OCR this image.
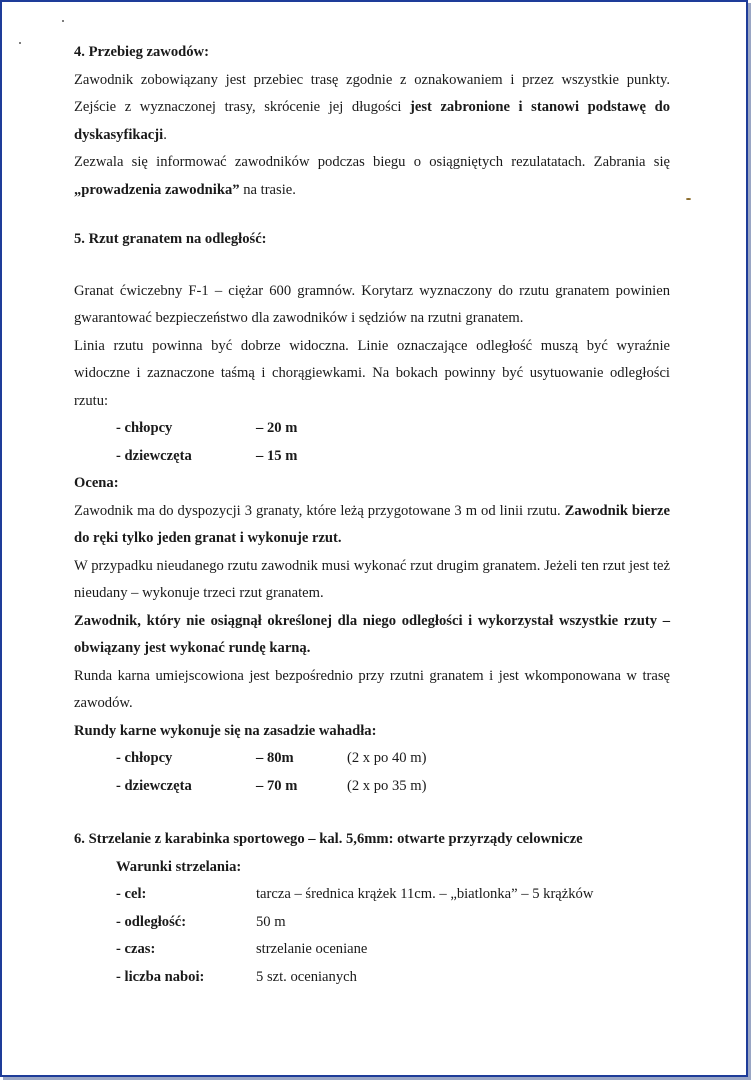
4. Przebieg zawodów:

Zawodnik zobowiązany jest przebiec trasę zgodnie z oznakowaniem i przez wszystkie punkty. Zejście z wyznaczonej trasy, skrócenie jej długości jest zabronione i stanowi podstawę do dyskasyfikacji.

Zezwala się informować zawodników podczas biegu o osiągniętych rezulatatach. Zabrania się „prowadzenia zawodnika” na trasie.

5. Rzut granatem na odległość:

Granat ćwiczebny F-1 – ciężar 600 gramnów. Korytarz wyznaczony do rzutu granatem powinien gwarantować bezpieczeństwo dla zawodników i sędziów na rzutni granatem.

Linia rzutu powinna być dobrze widoczna. Linie oznaczające odległość muszą być wyraźnie widoczne i zaznaczone taśmą i chorągiewkami. Na bokach powinny być usytuowanie odległości rzutu:

- chłopcy	– 20 m
- dziewczęta	– 15 m

Ocena:

Zawodnik ma do dyspozycji 3 granaty, które leżą przygotowane 3 m od linii rzutu. Zawodnik bierze do ręki tylko jeden granat i wykonuje rzut.

W przypadku nieudanego rzutu zawodnik musi wykonać rzut drugim granatem. Jeżeli ten rzut jest też nieudany – wykonuje trzeci rzut granatem.

Zawodnik, który nie osiągnął określonej dla niego odległości i wykorzystał wszystkie rzuty – obwiązany jest wykonać rundę karną.

Runda karna umiejscowiona jest bezpośrednio przy rzutni granatem i jest wkomponowana w trasę zawodów.

Rundy karne wykonuje się na zasadzie wahadła:

- chłopcy	– 80m	(2 x po 40 m)
- dziewczęta	– 70 m	(2 x po 35 m)

6. Strzelanie z karabinka sportowego – kal. 5,6mm: otwarte przyrządy celownicze

Warunki strzelania:
- cel:	tarcza – średnica krążek 11cm. – „biatlonka” – 5 krążków
- odległość:	50 m
- czas:	strzelanie oceniane
- liczba naboi:	5 szt. ocenianych
